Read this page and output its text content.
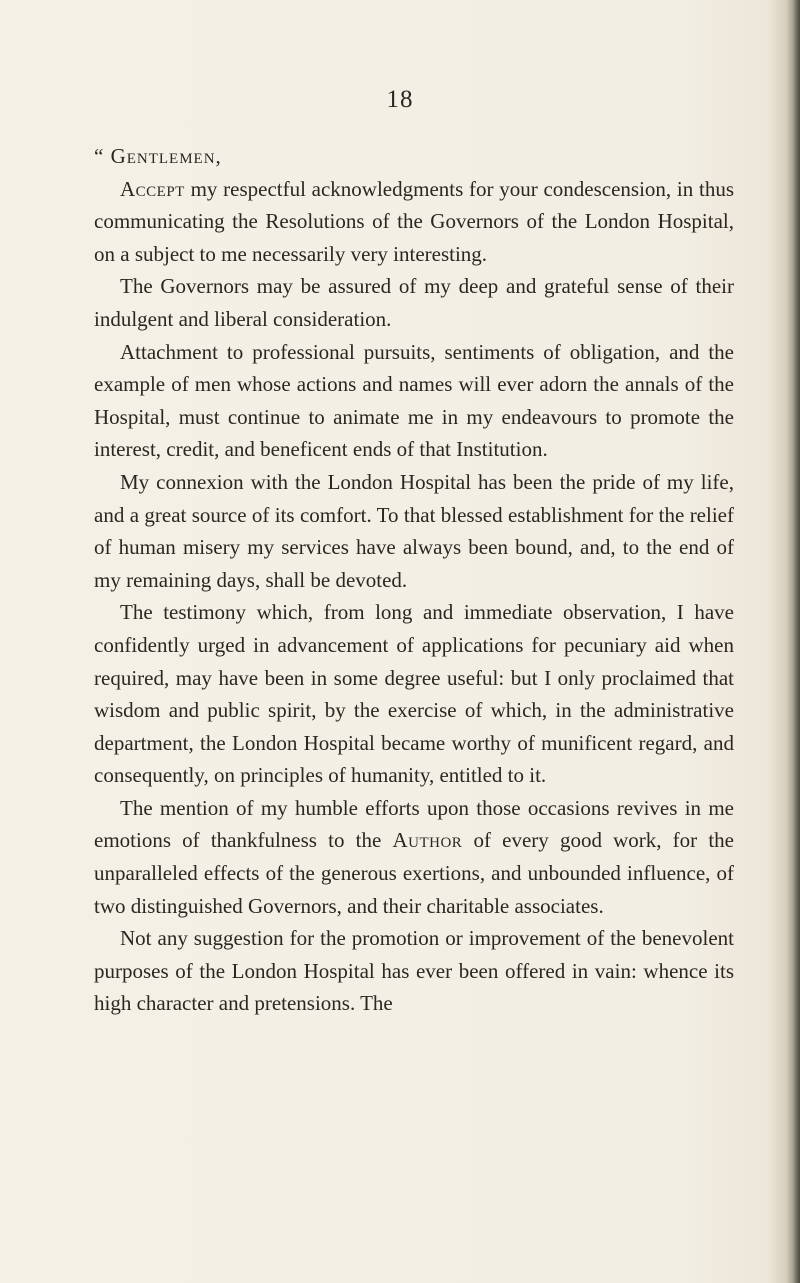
18

“ Gentlemen,

Accept my respectful acknowledgments for your condescension, in thus communicating the Resolutions of the Governors of the London Hospital, on a subject to me necessarily very interesting.

The Governors may be assured of my deep and grateful sense of their indulgent and liberal consideration.

Attachment to professional pursuits, sentiments of obligation, and the example of men whose actions and names will ever adorn the annals of the Hospital, must continue to animate me in my endeavours to promote the interest, credit, and beneficent ends of that Institution.

My connexion with the London Hospital has been the pride of my life, and a great source of its comfort. To that blessed establishment for the relief of human misery my services have always been bound, and, to the end of my remaining days, shall be devoted.

The testimony which, from long and immediate observation, I have confidently urged in advancement of applications for pecuniary aid when required, may have been in some degree useful: but I only proclaimed that wisdom and public spirit, by the exercise of which, in the administrative department, the London Hospital became worthy of munificent regard, and consequently, on principles of humanity, entitled to it.

The mention of my humble efforts upon those occasions revives in me emotions of thankfulness to the Author of every good work, for the unparalleled effects of the generous exertions, and unbounded influence, of two distinguished Governors, and their charitable associates.

Not any suggestion for the promotion or improvement of the benevolent purposes of the London Hospital has ever been offered in vain: whence its high character and pretensions. The
